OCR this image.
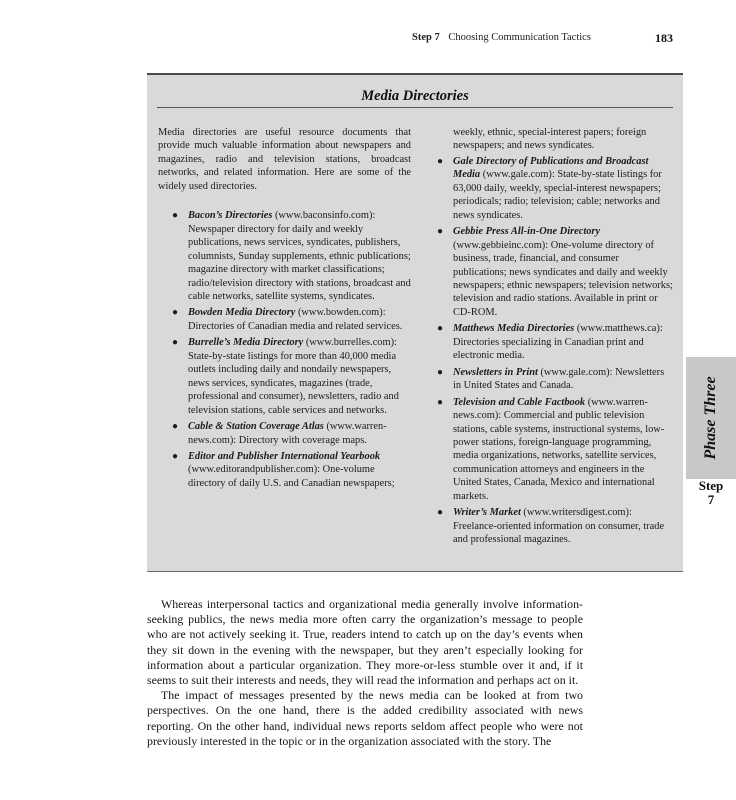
Step 7 Choosing Communication Tactics	183
Media Directories

Media directories are useful resource documents that provide much valuable information about newspapers and magazines, radio and television stations, broadcast networks, and related information. Here are some of the widely used directories.

● Bacon’s Directories (www.baconsinfo.com): Newspaper directory for daily and weekly publications, news services, syndicates, publishers, columnists, Sunday supplements, ethnic publications; magazine directory with market classifications; radio/television directory with stations, broadcast and cable networks, satellite systems, syndicates.
● Bowden Media Directory (www.bowden.com): Directories of Canadian media and related services.
● Burrelle’s Media Directory (www.burrelles.com): State-by-state listings for more than 40,000 media outlets including daily and nondaily newspapers, news services, syndicates, magazines (trade, professional and consumer), newsletters, radio and television stations, cable services and networks.
● Cable & Station Coverage Atlas (www.warren-news.com): Directory with coverage maps.
● Editor and Publisher International Yearbook (www.editorandpublisher.com): One-volume directory of daily U.S. and Canadian newspapers;

weekly, ethnic, special-interest papers; foreign newspapers; and news syndicates.

● Gale Directory of Publications and Broadcast Media (www.gale.com): State-by-state listings for 63,000 daily, weekly, special-interest newspapers; periodicals; radio; television; cable; networks and news syndicates.
● Gebbie Press All-in-One Directory (www.gebbieinc.com): One-volume directory of business, trade, financial, and consumer publications; news syndicates and daily and weekly newspapers; ethnic newspapers; television networks; television and radio stations. Available in print or CD-ROM.
● Matthews Media Directories (www.matthews.ca): Directories specializing in Canadian print and electronic media.
● Newsletters in Print (www.gale.com): Newsletters in United States and Canada.
● Television and Cable Factbook (www.warren-news.com): Commercial and public television stations, cable systems, instructional systems, low-power stations, foreign-language programming, media organizations, networks, satellite services, communication attorneys and engineers in the United States, Canada, Mexico and international markets.
● Writer’s Market (www.writersdigest.com): Freelance-oriented information on consumer, trade and professional magazines.
Phase Three
Step
7

Whereas interpersonal tactics and organizational media generally involve information-seeking publics, the news media more often carry the organization’s message to people who are not actively seeking it. True, readers intend to catch up on the day’s events when they sit down in the evening with the newspaper, but they aren’t especially looking for information about a particular organization. They more-or-less stumble over it and, if it seems to suit their interests and needs, they will read the information and perhaps act on it.

The impact of messages presented by the news media can be looked at from two perspectives. On the one hand, there is the added credibility associated with news reporting. On the other hand, individual news reports seldom affect people who were not previously interested in the topic or in the organization associated with the story. The
